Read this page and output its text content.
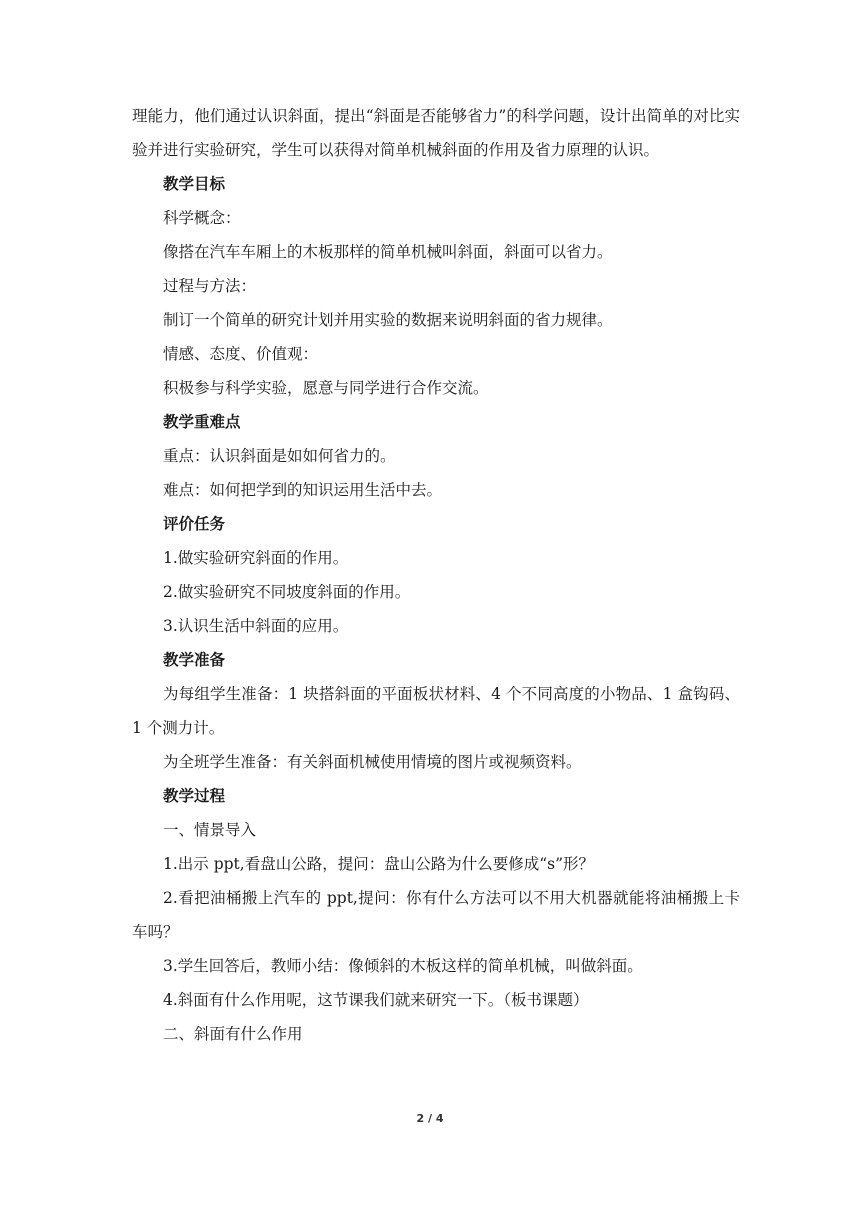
理能力，他们通过认识斜面，提出“斜面是否能够省力”的科学问题，设计出简单的对比实验并进行实验研究，学生可以获得对简单机械斜面的作用及省力原理的认识。

教学目标

科学概念：

像搭在汽车车厢上的木板那样的简单机械叫斜面，斜面可以省力。

过程与方法：

制订一个简单的研究计划并用实验的数据来说明斜面的省力规律。

情感、态度、价值观：

积极参与科学实验，愿意与同学进行合作交流。

教学重难点

重点：认识斜面是如如何省力的。

难点：如何把学到的知识运用生活中去。

评价任务

1.做实验研究斜面的作用。

2.做实验研究不同坡度斜面的作用。

3.认识生活中斜面的应用。

教学准备

为每组学生准备：1 块搭斜面的平面板状材料、4 个不同高度的小物品、1 盒钩码、1 个测力计。

为全班学生准备：有关斜面机械使用情境的图片或视频资料。

教学过程

一、情景导入

1.出示 ppt,看盘山公路，提问：盘山公路为什么要修成“s”形？

2.看把油桶搬上汽车的 ppt,提问：你有什么方法可以不用大机器就能将油桶搬上卡车吗？

3.学生回答后，教师小结：像倾斜的木板这样的简单机械，叫做斜面。

4.斜面有什么作用呢，这节课我们就来研究一下。（板书课题）

二、斜面有什么作用

2 / 4
